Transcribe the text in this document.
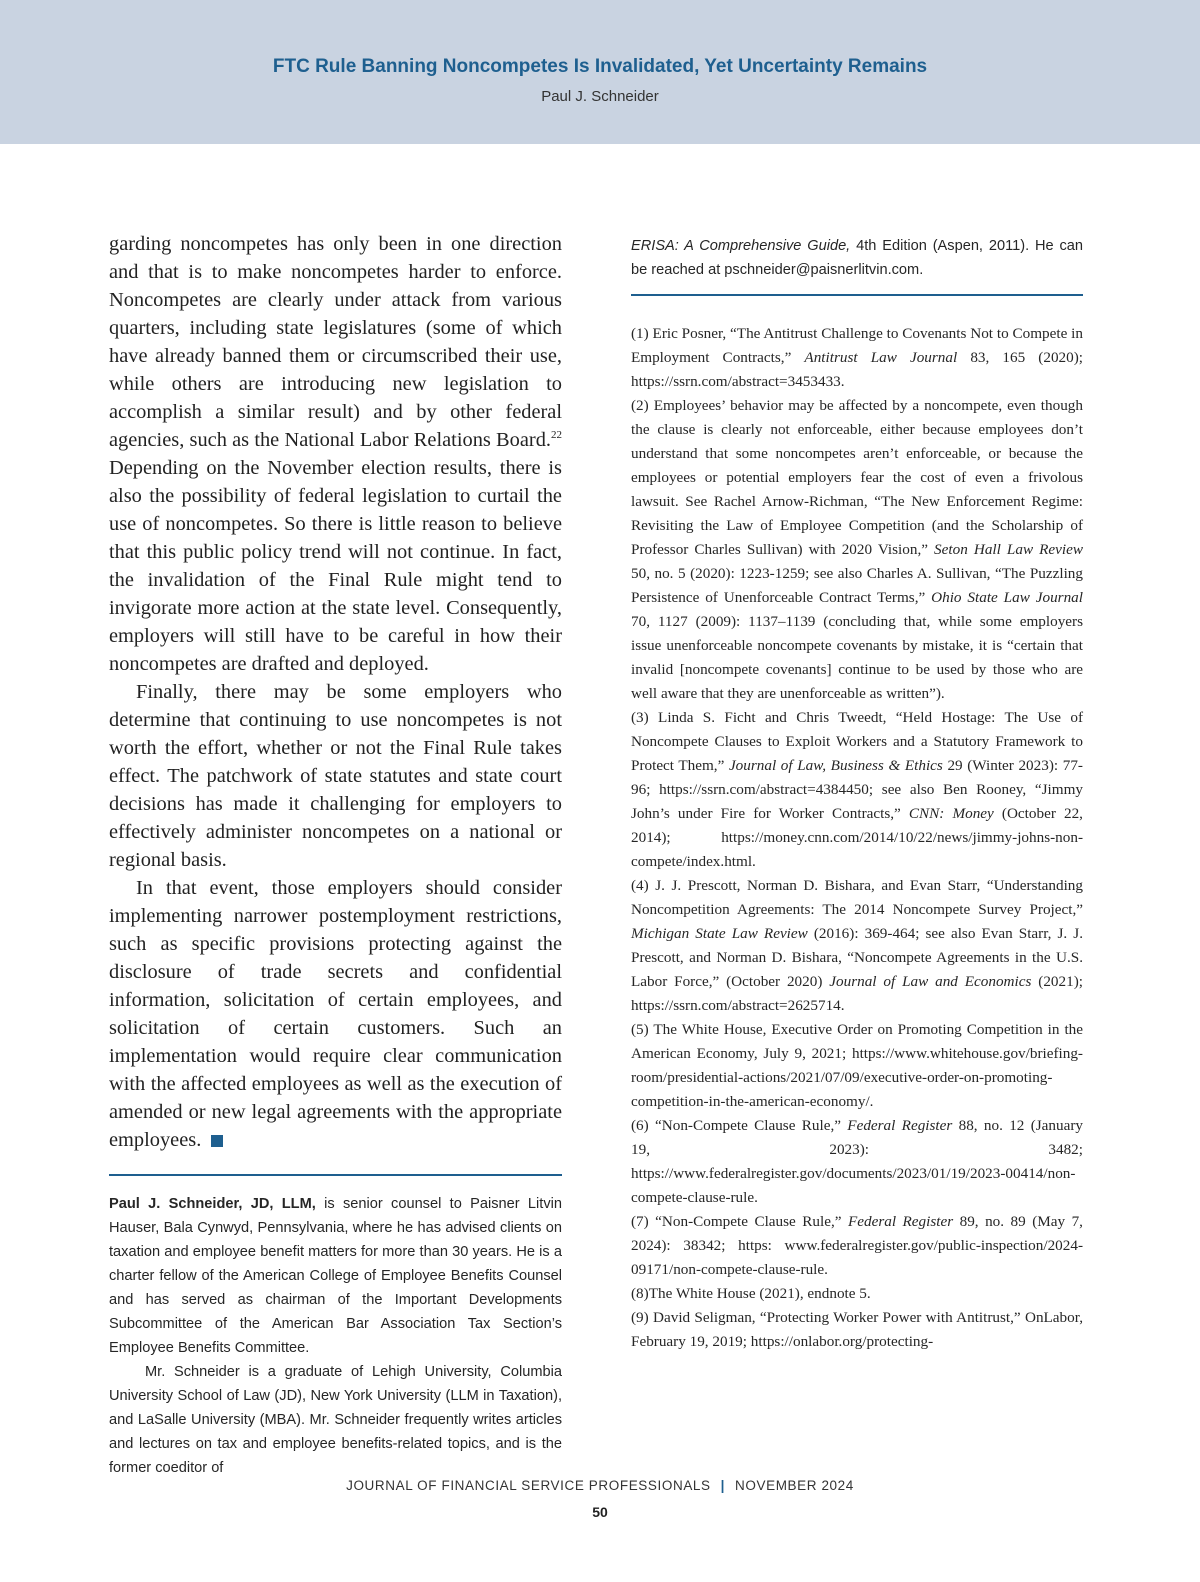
FTC Rule Banning Noncompetes Is Invalidated, Yet Uncertainty Remains
Paul J. Schneider

garding noncompetes has only been in one direction and that is to make noncompetes harder to enforce. Noncompetes are clearly under attack from various quarters, including state legislatures (some of which have already banned them or circumscribed their use, while others are introducing new legislation to accomplish a similar result) and by other federal agencies, such as the National Labor Relations Board.$^{22}$ Depending on the November election results, there is also the possibility of federal legislation to curtail the use of noncompetes. So there is little reason to believe that this public policy trend will not continue. In fact, the invalidation of the Final Rule might tend to invigorate more action at the state level. Consequently, employers will still have to be careful in how their noncompetes are drafted and deployed.

Finally, there may be some employers who determine that continuing to use noncompetes is not worth the effort, whether or not the Final Rule takes effect. The patchwork of state statutes and state court decisions has made it challenging for employers to effectively administer noncompetes on a national or regional basis.

In that event, those employers should consider implementing narrower postemployment restrictions, such as specific provisions protecting against the disclosure of trade secrets and confidential information, solicitation of certain employees, and solicitation of certain customers. Such an implementation would require clear communication with the affected employees as well as the execution of amended or new legal agreements with the appropriate employees.

Paul J. Schneider, JD, LLM, is senior counsel to Paisner Litvin Hauser, Bala Cynwyd, Pennsylvania, where he has advised clients on taxation and employee benefit matters for more than 30 years. He is a charter fellow of the American College of Employee Benefits Counsel and has served as chairman of the Important Developments Subcommittee of the American Bar Association Tax Section’s Employee Benefits Committee.

Mr. Schneider is a graduate of Lehigh University, Columbia University School of Law (JD), New York University (LLM in Taxation), and LaSalle University (MBA). Mr. Schneider frequently writes articles and lectures on tax and employee benefits-related topics, and is the former coeditor of

ERISA: A Comprehensive Guide, 4th Edition (Aspen, 2011). He can be reached at pschneider@paisnerlitvin.com.

(1) Eric Posner, “The Antitrust Challenge to Covenants Not to Compete in Employment Contracts,” Antitrust Law Journal 83, 165 (2020); https://ssrn.com/abstract=3453433.

(2) Employees’ behavior may be affected by a noncompete, even though the clause is clearly not enforceable, either because employees don’t understand that some noncompetes aren’t enforceable, or because the employees or potential employers fear the cost of even a frivolous lawsuit. See Rachel Arnow-Richman, “The New Enforcement Regime: Revisiting the Law of Employee Competition (and the Scholarship of Professor Charles Sullivan) with 2020 Vision,” Seton Hall Law Review 50, no. 5 (2020): 1223-1259; see also Charles A. Sullivan, “The Puzzling Persistence of Unenforceable Contract Terms,” Ohio State Law Journal 70, 1127 (2009): 1137–1139 (concluding that, while some employers issue unenforceable noncompete covenants by mistake, it is “certain that invalid [noncompete covenants] continue to be used by those who are well aware that they are unenforceable as written”).

(3) Linda S. Ficht and Chris Tweedt, “Held Hostage: The Use of Noncompete Clauses to Exploit Workers and a Statutory Framework to Protect Them,” Journal of Law, Business & Ethics 29 (Winter 2023): 77-96; https://ssrn.com/abstract=4384450; see also Ben Rooney, “Jimmy John’s under Fire for Worker Contracts,” CNN: Money (October 22, 2014); https://money.cnn.com/2014/10/22/news/jimmy-johns-non-compete/index.html.

(4) J. J. Prescott, Norman D. Bishara, and Evan Starr, “Understanding Noncompetition Agreements: The 2014 Noncompete Survey Project,” Michigan State Law Review (2016): 369-464; see also Evan Starr, J. J. Prescott, and Norman D. Bishara, “Noncompete Agreements in the U.S. Labor Force,” (October 2020) Journal of Law and Economics (2021); https://ssrn.com/abstract=2625714.

(5) The White House, Executive Order on Promoting Competition in the American Economy, July 9, 2021; https://www.whitehouse.gov/briefing-room/presidential-actions/2021/07/09/executive-order-on-promoting-competition-in-the-american-economy/.

(6) “Non-Compete Clause Rule,” Federal Register 88, no. 12 (January 19, 2023): 3482; https://www.federalregister.gov/documents/2023/01/19/2023-00414/non-compete-clause-rule.

(7) “Non-Compete Clause Rule,” Federal Register 89, no. 89 (May 7, 2024): 38342; https: www.federalregister.gov/public-inspection/2024-09171/non-compete-clause-rule.

(8)The White House (2021), endnote 5.

(9) David Seligman, “Protecting Worker Power with Antitrust,” OnLabor, February 19, 2019; https://onlabor.org/protecting-

JOURNAL OF FINANCIAL SERVICE PROFESSIONALS | NOVEMBER 2024
50
